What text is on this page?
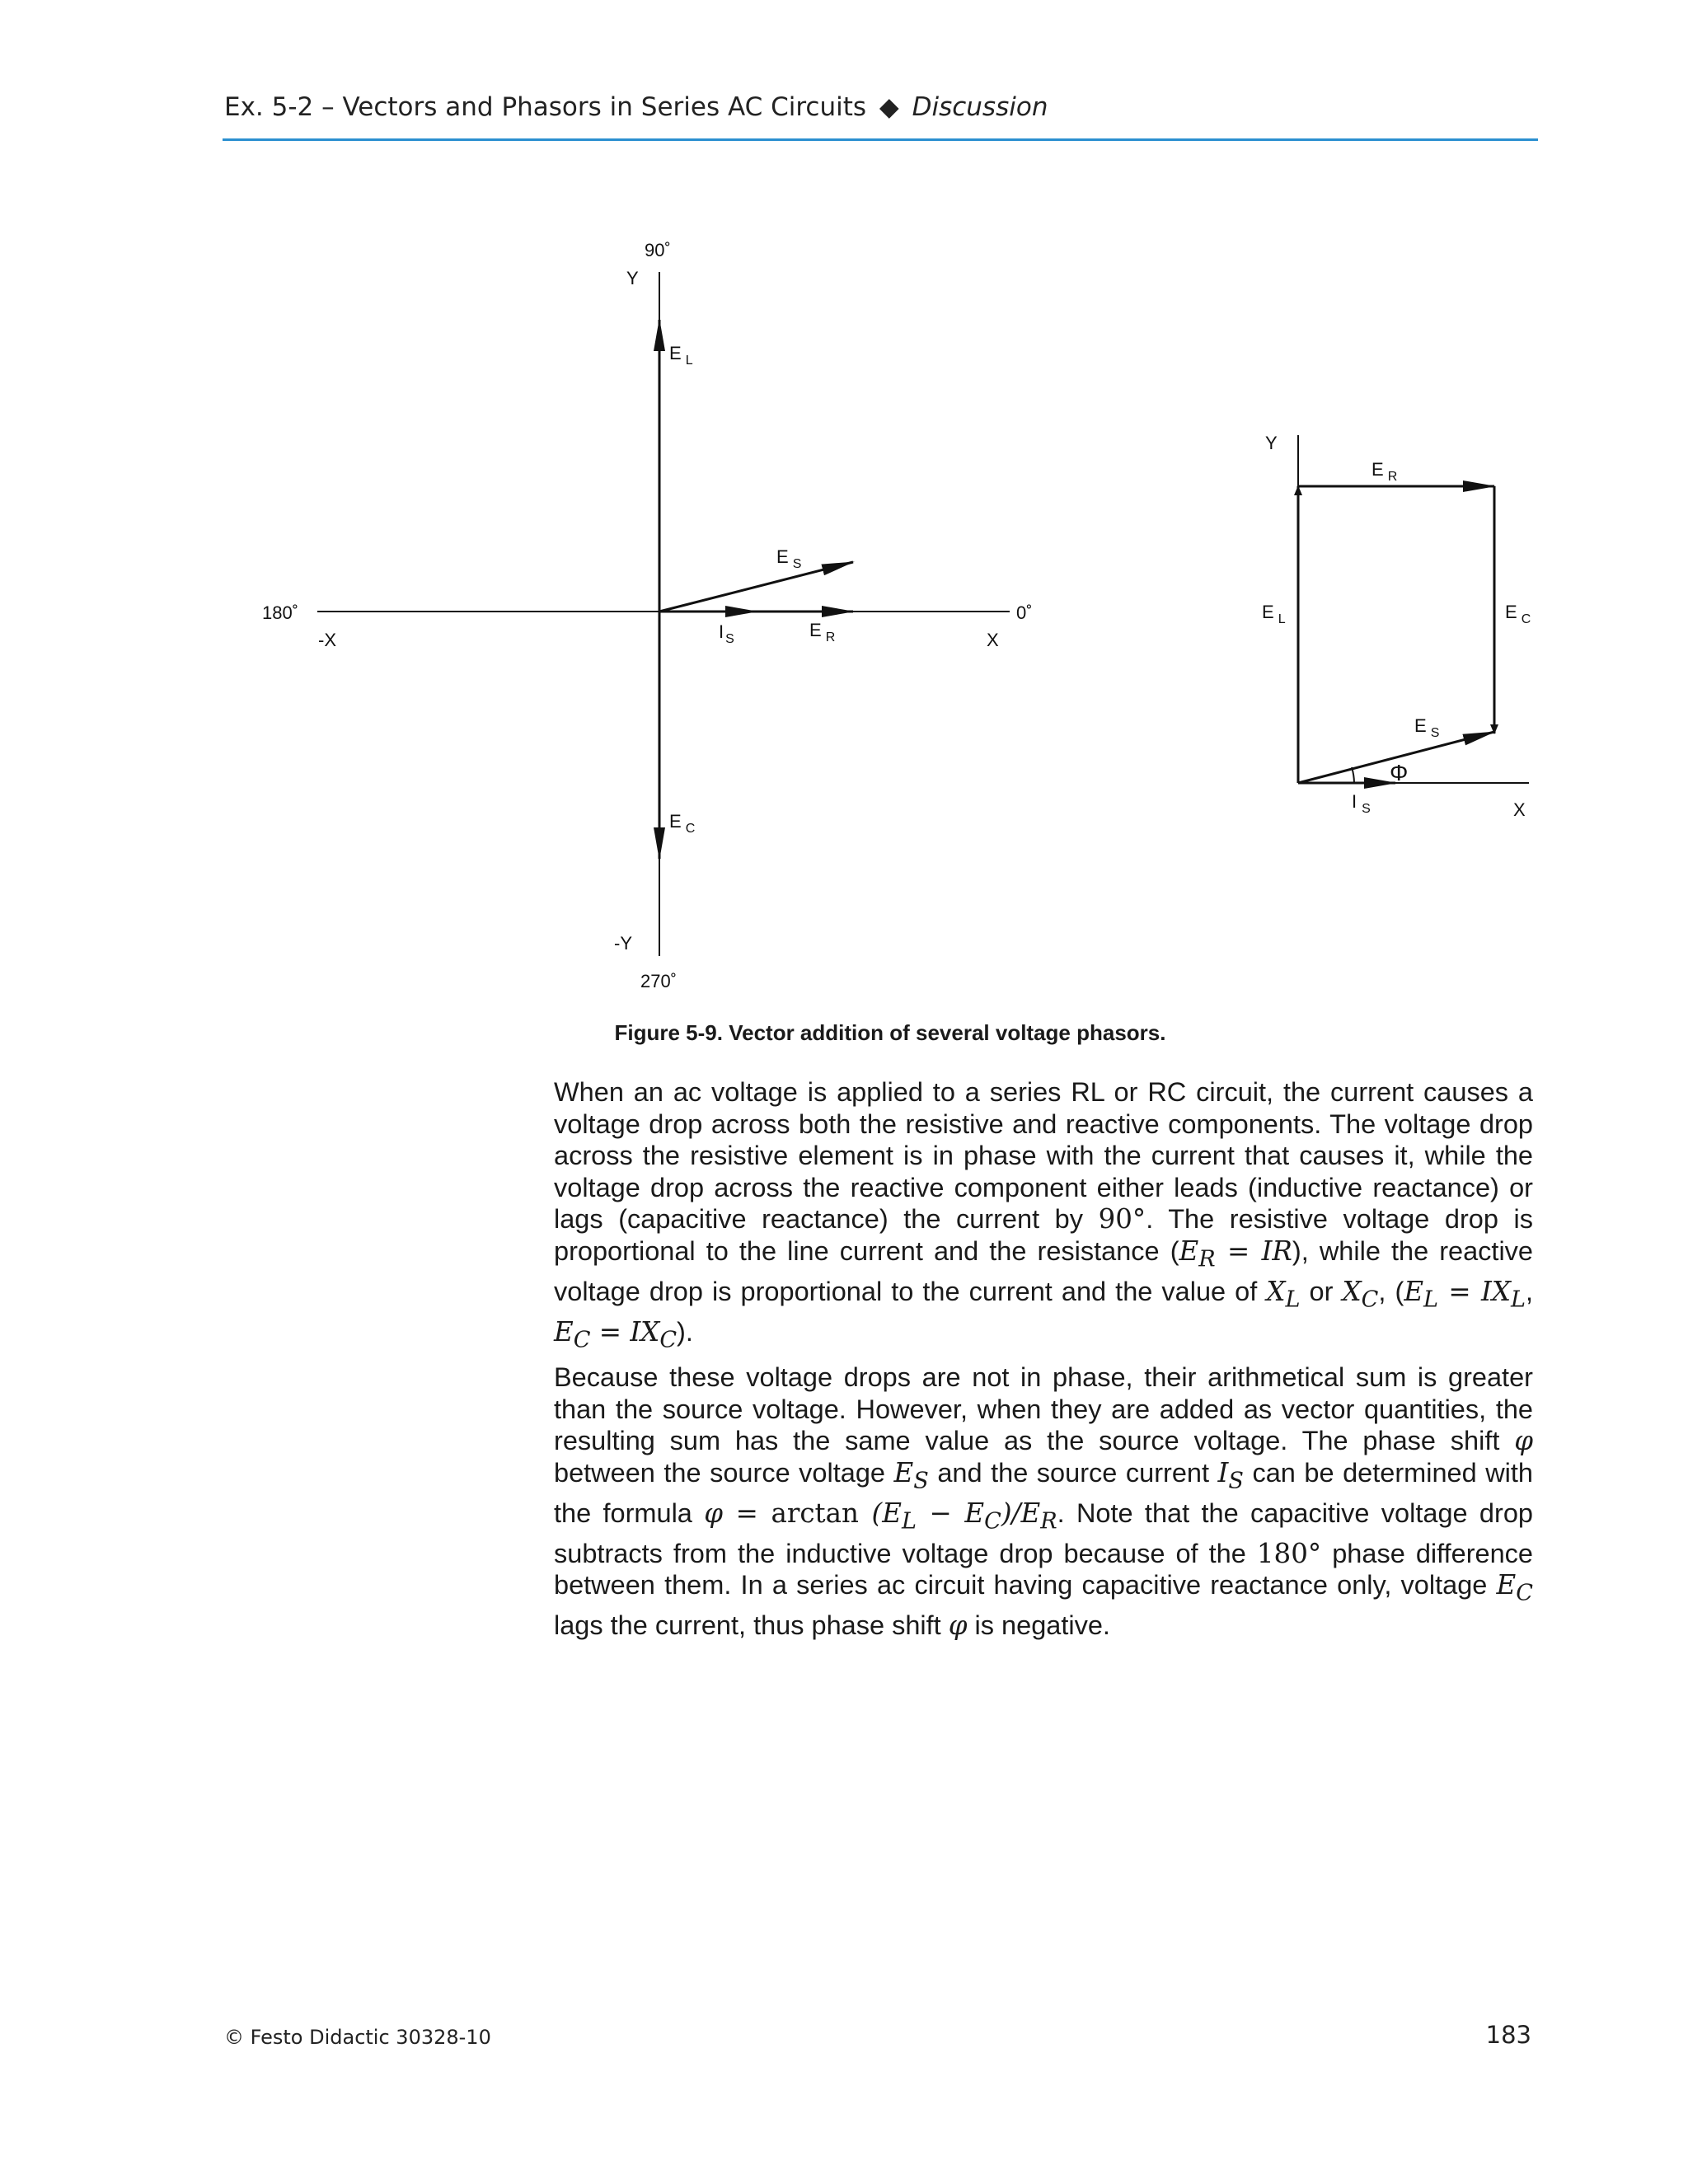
Ex. 5-2 – Vectors and Phasors in Series AC Circuits ◆ Discussion
90˚
Y
E $_L$
E $_S$
180˚
-X	I $_S$	E $_R$	X
0˚
E $_C$
-Y
270˚
Y
E $_R$
E $_L$	E $_C$
E $_S$
Φ
I $_S$	X
Figure 5-9. Vector addition of several voltage phasors.

When an ac voltage is applied to a series RL or RC circuit, the current causes a voltage drop across both the resistive and reactive components. The voltage drop across the resistive element is in phase with the current that causes it, while the voltage drop across the reactive component either leads (inductive reactance) or lags (capacitive reactance) the current by 90°. The resistive voltage drop is proportional to the line current and the resistance $(E_R = IR)$, while the reactive voltage drop is proportional to the current and the value of $X_L$ or $X_C$, ($E_L = IX_L$, $E_C = IX_C$).

Because these voltage drops are not in phase, their arithmetical sum is greater than the source voltage. However, when they are added as vector quantities, the resulting sum has the same value as the source voltage. The phase shift φ between the source voltage $E_S$ and the source current $I_S$ can be determined with the formula $\varphi = \arctan (E_L - E_C)/E_R$. Note that the capacitive voltage drop subtracts from the inductive voltage drop because of the 180° phase difference between them. In a series ac circuit having capacitive reactance only, voltage $E_C$ lags the current, thus phase shift φ is negative.

© Festo Didactic 30328-10	183
